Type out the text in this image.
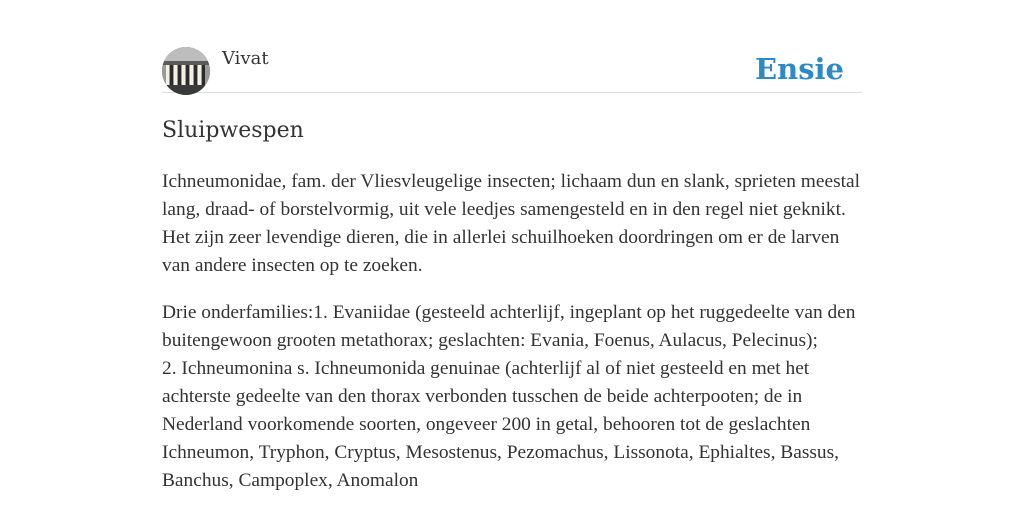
Vivat	Ensie
Sluipwespen

Ichneumonidae, fam. der Vliesvleugelige insecten; lichaam dun en slank, sprieten meestal lang, draad- of borstelvormig, uit vele leedjes samengesteld en in den regel niet geknikt. Het zijn zeer levendige dieren, die in allerlei schuilhoeken doordringen om er de larven van andere insecten op te zoeken.

Drie onderfamilies:1. Evaniidae (gesteeld achterlijf, ingeplant op het ruggedeelte van den buitengewoon grooten metathorax; geslachten: Evania, Foenus, Aulacus, Pelecinus);
2. Ichneumonina s. Ichneumonida genuinae (achterlijf al of niet gesteeld en met het achterste gedeelte van den thorax verbonden tusschen de beide achterpooten; de in Nederland voorkomende soorten, ongeveer 200 in getal, behooren tot de geslachten Ichneumon, Tryphon, Cryptus, Mesostenus, Pezomachus, Lissonota, Ephialtes, Bassus, Banchus, Campoplex, Anomalon
